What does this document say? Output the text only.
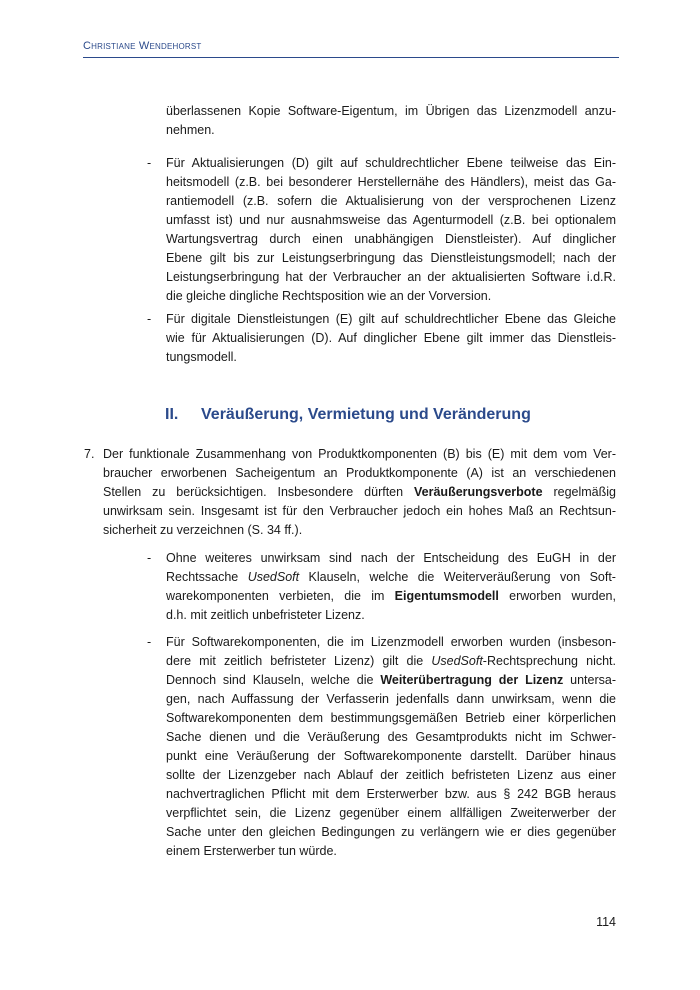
Christiane Wendehorst
überlassenen Kopie Software-Eigentum, im Übrigen das Lizenzmodell anzu-
nehmen.
- Für Aktualisierungen (D) gilt auf schuldrechtlicher Ebene teilweise das Ein-
heitsmodell (z.B. bei besonderer Herstellernähe des Händlers), meist das Ga-
rantiemodell (z.B. sofern die Aktualisierung von der versprochenen Lizenz
umfasst ist) und nur ausnahmsweise das Agenturmodell (z.B. bei optionalem
Wartungsvertrag durch einen unabhängigen Dienstleister). Auf dinglicher
Ebene gilt bis zur Leistungserbringung das Dienstleistungsmodell; nach der
Leistungserbringung hat der Verbraucher an der aktualisierten Software i.d.R.
die gleiche dingliche Rechtsposition wie an der Vorversion.
- Für digitale Dienstleistungen (E) gilt auf schuldrechtlicher Ebene das Gleiche
wie für Aktualisierungen (D). Auf dinglicher Ebene gilt immer das Dienstleis-
tungsmodell.
II. Veräußerung, Vermietung und Veränderung
7. Der funktionale Zusammenhang von Produktkomponenten (B) bis (E) mit dem vom Ver-
braucher erworbenen Sacheigentum an Produktkomponente (A) ist an verschiedenen
Stellen zu berücksichtigen. Insbesondere dürften Veräußerungsverbote regelmäßig
unwirksam sein. Insgesamt ist für den Verbraucher jedoch ein hohes Maß an Rechtsun-
sicherheit zu verzeichnen (S. 34 ff.).
- Ohne weiteres unwirksam sind nach der Entscheidung des EuGH in der
Rechtssache UsedSoft Klauseln, welche die Weiterveräußerung von Soft-
warekomponenten verbieten, die im Eigentumsmodell erworben wurden,
d.h. mit zeitlich unbefristeter Lizenz.
- Für Softwarekomponenten, die im Lizenzmodell erworben wurden (insbeson-
dere mit zeitlich befristeter Lizenz) gilt die UsedSoft-Rechtsprechung nicht.
Dennoch sind Klauseln, welche die Weiterübertragung der Lizenz untersa-
gen, nach Auffassung der Verfasserin jedenfalls dann unwirksam, wenn die
Softwarekomponenten dem bestimmungsgemäßen Betrieb einer körperlichen
Sache dienen und die Veräußerung des Gesamtprodukts nicht im Schwer-
punkt eine Veräußerung der Softwarekomponente darstellt. Darüber hinaus
sollte der Lizenzgeber nach Ablauf der zeitlich befristeten Lizenz aus einer
nachvertraglichen Pflicht mit dem Ersterwerber bzw. aus § 242 BGB heraus
verpflichtet sein, die Lizenz gegenüber einem allfälligen Zweiterwerber der
Sache unter den gleichen Bedingungen zu verlängern wie er dies gegenüber
einem Ersterwerber tun würde.
114
